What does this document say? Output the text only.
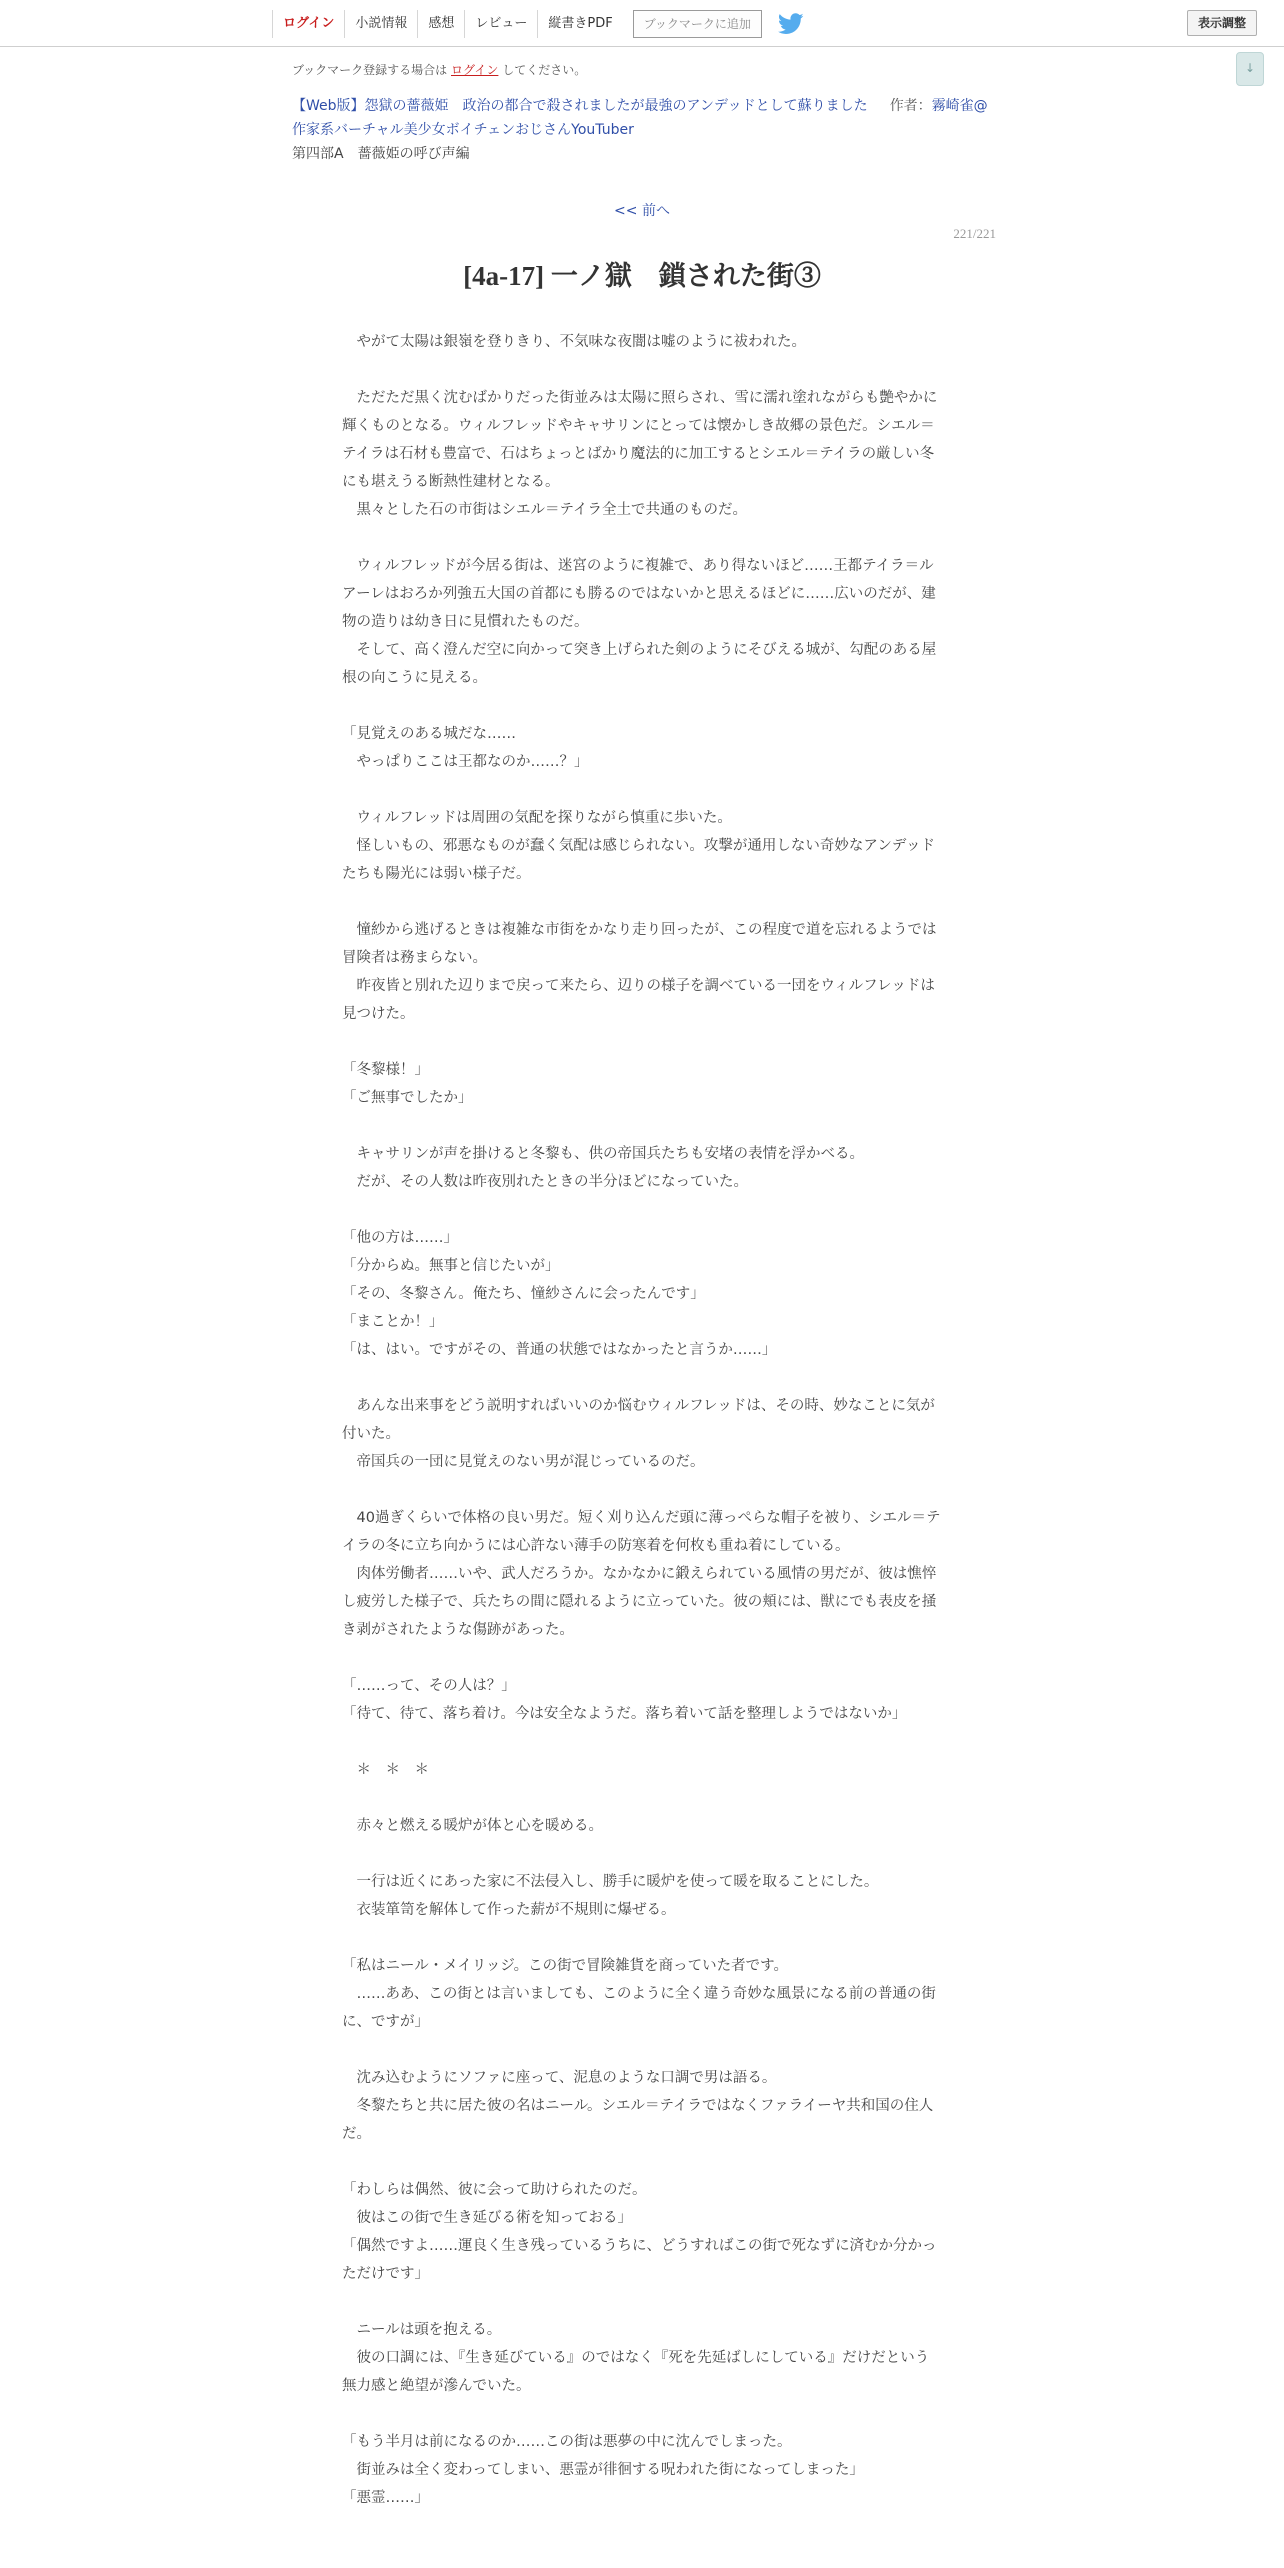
ログイン	小説情報	感想	レビュー	縦書きPDF	ブックマークに追加	表示調整
↓
ブックマーク登録する場合は ログイン してください。
【Web版】怨獄の薔薇姫　政治の都合で殺されましたが最強のアンデッドとして蘇りました 作者：霧崎雀@
作家系バーチャル美少女ボイチェンおじさんYouTuber
第四部A　薔薇姫の呼び声編
<< 前へ
221/221
[4a-17] 一ノ獄　鎖された街③

　やがて太陽は銀嶺を登りきり、不気味な夜闇は嘘のように祓われた。

　ただただ黒く沈むばかりだった街並みは太陽に照らされ、雪に濡れ塗れながらも艶やかに輝くものとなる。ウィルフレッドやキャサリンにとっては懐かしき故郷の景色だ。シエル＝テイラは石材も豊富で、石はちょっとばかり魔法的に加工するとシエル＝テイラの厳しい冬にも堪えうる断熱性建材となる。

　黒々とした石の市街はシエル＝テイラ全土で共通のものだ。

　ウィルフレッドが今居る街は、迷宮のように複雑で、あり得ないほど……王都テイラ＝ルアーレはおろか列強五大国の首都にも勝るのではないかと思えるほどに……広いのだが、建物の造りは幼き日に見慣れたものだ。

　そして、高く澄んだ空に向かって突き上げられた剣のようにそびえる城が、勾配のある屋根の向こうに見える。

「見覚えのある城だな……

　やっぱりここは王都なのか……？」

　ウィルフレッドは周囲の気配を探りながら慎重に歩いた。

　怪しいもの、邪悪なものが蠢く気配は感じられない。攻撃が通用しない奇妙なアンデッドたちも陽光には弱い様子だ。

　憧紗から逃げるときは複雑な市街をかなり走り回ったが、この程度で道を忘れるようでは冒険者は務まらない。

　昨夜皆と別れた辺りまで戻って来たら、辺りの様子を調べている一団をウィルフレッドは見つけた。

「冬黎様！」

「ご無事でしたか」

　キャサリンが声を掛けると冬黎も、供の帝国兵たちも安堵の表情を浮かべる。

　だが、その人数は昨夜別れたときの半分ほどになっていた。

「他の方は……」

「分からぬ。無事と信じたいが」

「その、冬黎さん。俺たち、憧紗さんに会ったんです」

「まことか！」

「は、はい。ですがその、普通の状態ではなかったと言うか……」

　あんな出来事をどう説明すればいいのか悩むウィルフレッドは、その時、妙なことに気が付いた。

　帝国兵の一団に見覚えのない男が混じっているのだ。

　40過ぎくらいで体格の良い男だ。短く刈り込んだ頭に薄っぺらな帽子を被り、シエル＝テイラの冬に立ち向かうには心許ない薄手の防寒着を何枚も重ね着にしている。

　肉体労働者……いや、武人だろうか。なかなかに鍛えられている風情の男だが、彼は憔悴し疲労した様子で、兵たちの間に隠れるように立っていた。彼の頬には、獣にでも表皮を掻き剥がされたような傷跡があった。

「……って、その人は？」

「待て、待て、落ち着け。今は安全なようだ。落ち着いて話を整理しようではないか」

　＊　＊　＊

　赤々と燃える暖炉が体と心を暖める。

　一行は近くにあった家に不法侵入し、勝手に暖炉を使って暖を取ることにした。

　衣装箪笥を解体して作った薪が不規則に爆ぜる。

「私はニール・メイリッジ。この街で冒険雑貨を商っていた者です。

　……ああ、この街とは言いましても、このように全く違う奇妙な風景になる前の普通の街に、ですが」

　沈み込むようにソファに座って、泥息のような口調で男は語る。

　冬黎たちと共に居た彼の名はニール。シエル＝テイラではなくファライーヤ共和国の住人だ。

「わしらは偶然、彼に会って助けられたのだ。

　彼はこの街で生き延びる術を知っておる」

「偶然ですよ……運良く生き残っているうちに、どうすればこの街で死なずに済むか分かっただけです」

　ニールは頭を抱える。

　彼の口調には、『生き延びている』のではなく『死を先延ばしにしている』だけだという無力感と絶望が滲んでいた。

「もう半月は前になるのか……この街は悪夢の中に沈んでしまった。

　街並みは全く変わってしまい、悪霊が徘徊する呪われた街になってしまった」

「悪霊……」
